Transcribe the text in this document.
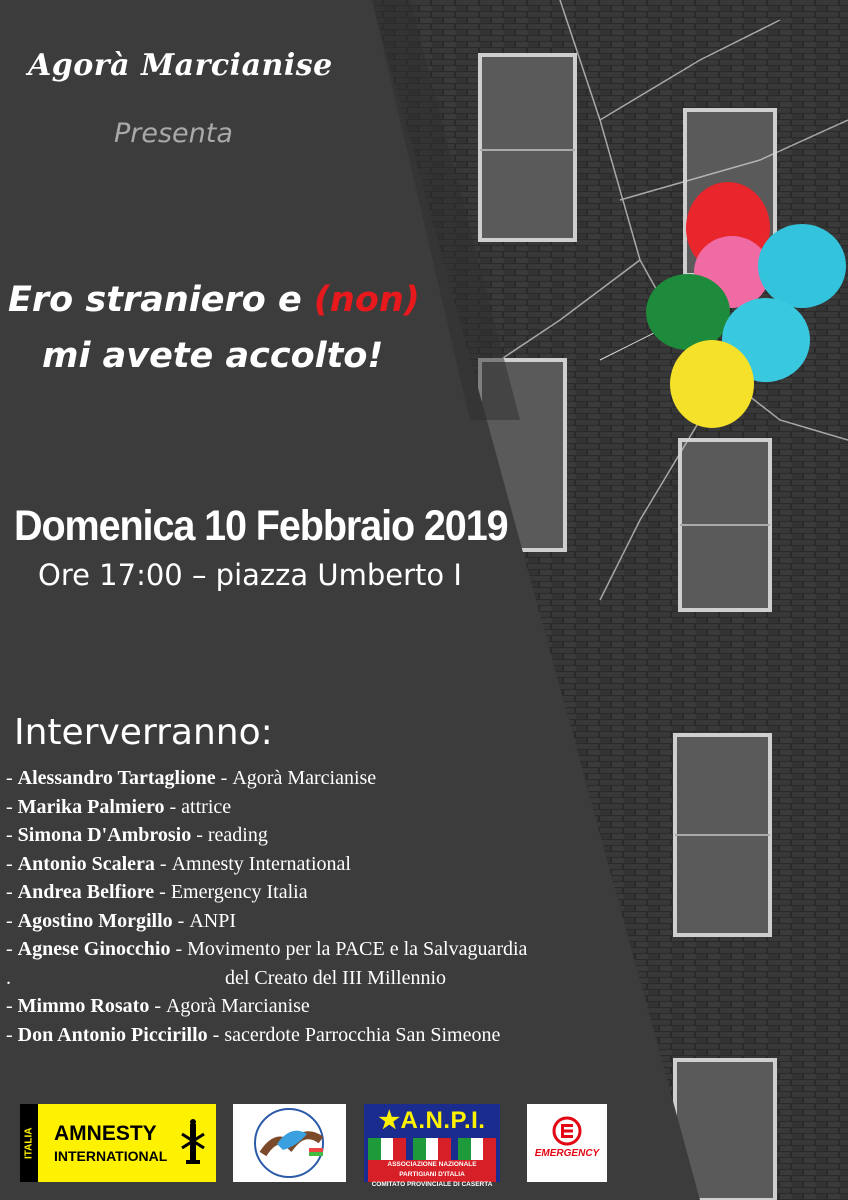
Agorà Marcianise
Presenta
Ero straniero e (non)
mi avete accolto!
Domenica 10 Febbraio 2019
Ore 17:00 – piazza Umberto I
Interverranno:
- Alessandro Tartaglione - Agorà Marcianise
- Marika Palmiero - attrice
- Simona D'Ambrosio - reading
- Antonio Scalera - Amnesty International
- Andrea Belfiore - Emergency Italia
- Agostino Morgillo - ANPI
- Agnese Ginocchio - Movimento per la PACE e la Salvaguardia
.	del Creato del III Millennio
- Mimmo Rosato - Agorà Marcianise
- Don Antonio Piccirillo - sacerdote Parrocchia San Simeone
ITALIA AMNESTY
INTERNATIONAL
★A.N.P.I.
ASSOCIAZIONE NAZIONALE PARTIGIANI D'ITALIA
COMITATO PROVINCIALE DI CASERTA
EMERGENCY
